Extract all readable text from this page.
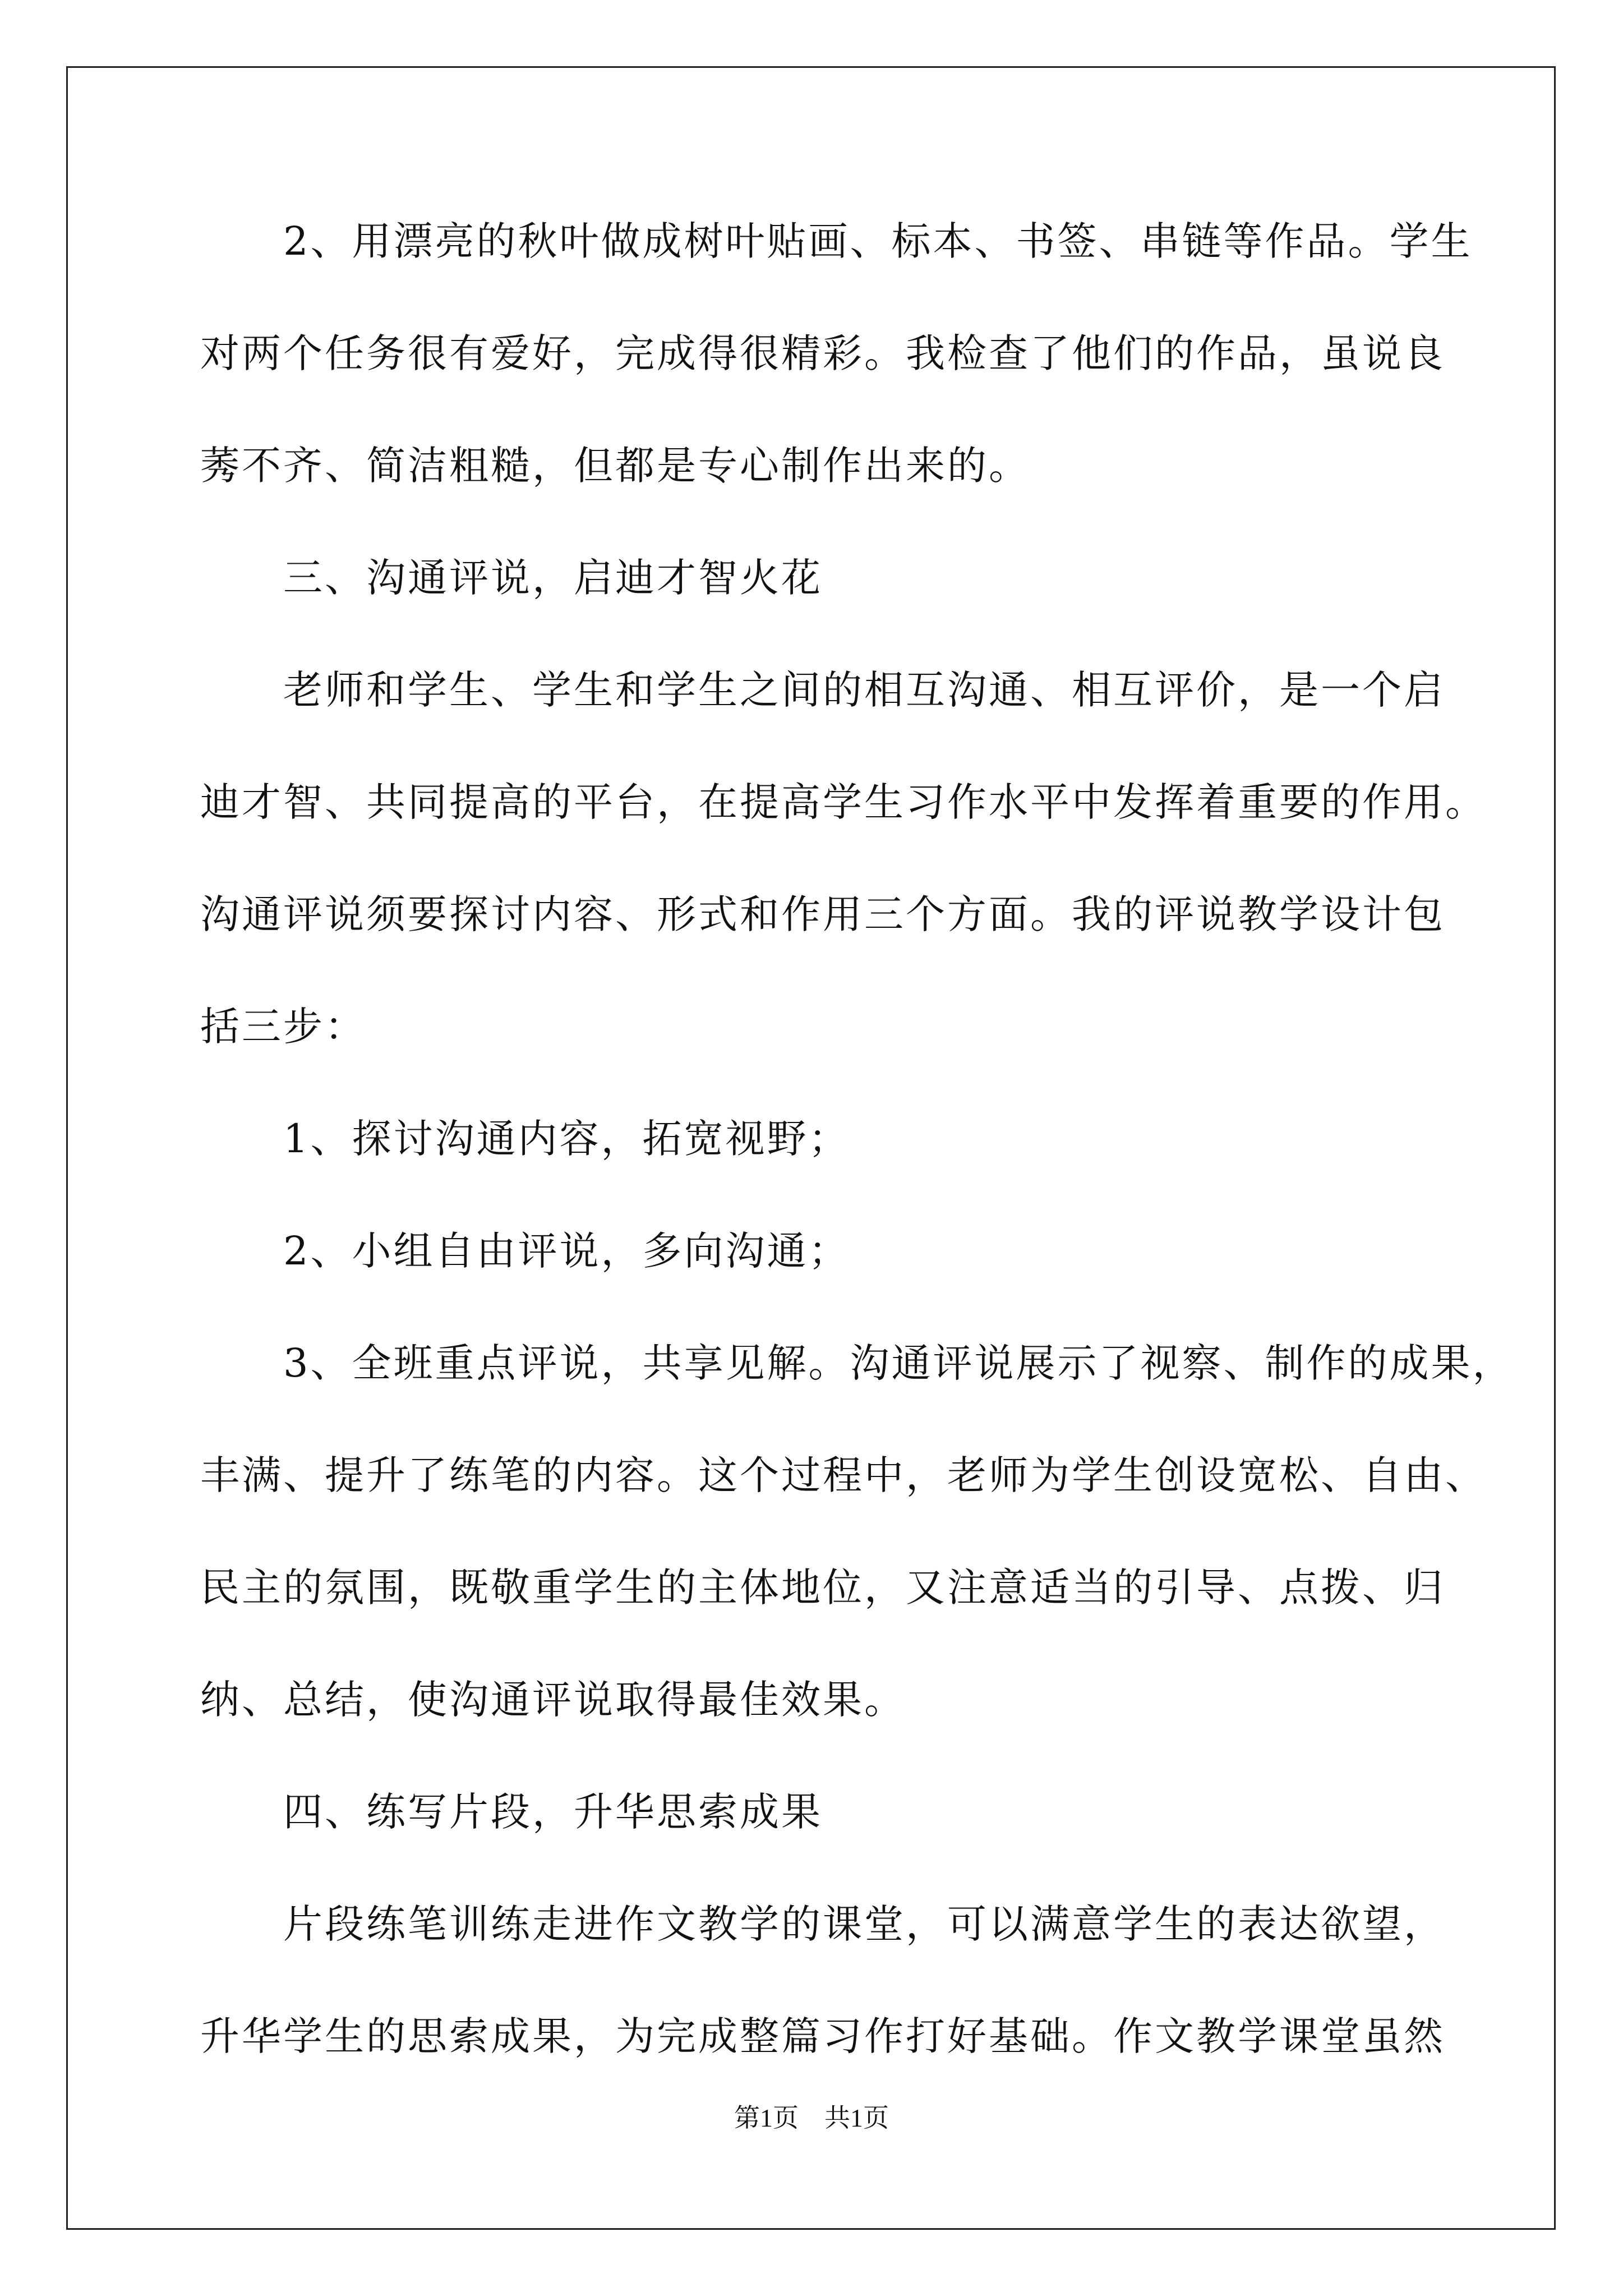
　　2、用漂亮的秋叶做成树叶贴画、标本、书签、串链等作品。学生
对两个任务很有爱好，完成得很精彩。我检查了他们的作品，虽说良
莠不齐、简洁粗糙，但都是专心制作出来的。
　　三、沟通评说，启迪才智火花
　　老师和学生、学生和学生之间的相互沟通、相互评价，是一个启
迪才智、共同提高的平台，在提高学生习作水平中发挥着重要的作用。
沟通评说须要探讨内容、形式和作用三个方面。我的评说教学设计包
括三步：
　　1、探讨沟通内容，拓宽视野；
　　2、小组自由评说，多向沟通；
　　3、全班重点评说，共享见解。沟通评说展示了视察、制作的成果，
丰满、提升了练笔的内容。这个过程中，老师为学生创设宽松、自由、
民主的氛围，既敬重学生的主体地位，又注意适当的引导、点拨、归
纳、总结，使沟通评说取得最佳效果。
　　四、练写片段，升华思索成果
　　片段练笔训练走进作文教学的课堂，可以满意学生的表达欲望，
升华学生的思索成果，为完成整篇习作打好基础。作文教学课堂虽然
第1页　共1页
